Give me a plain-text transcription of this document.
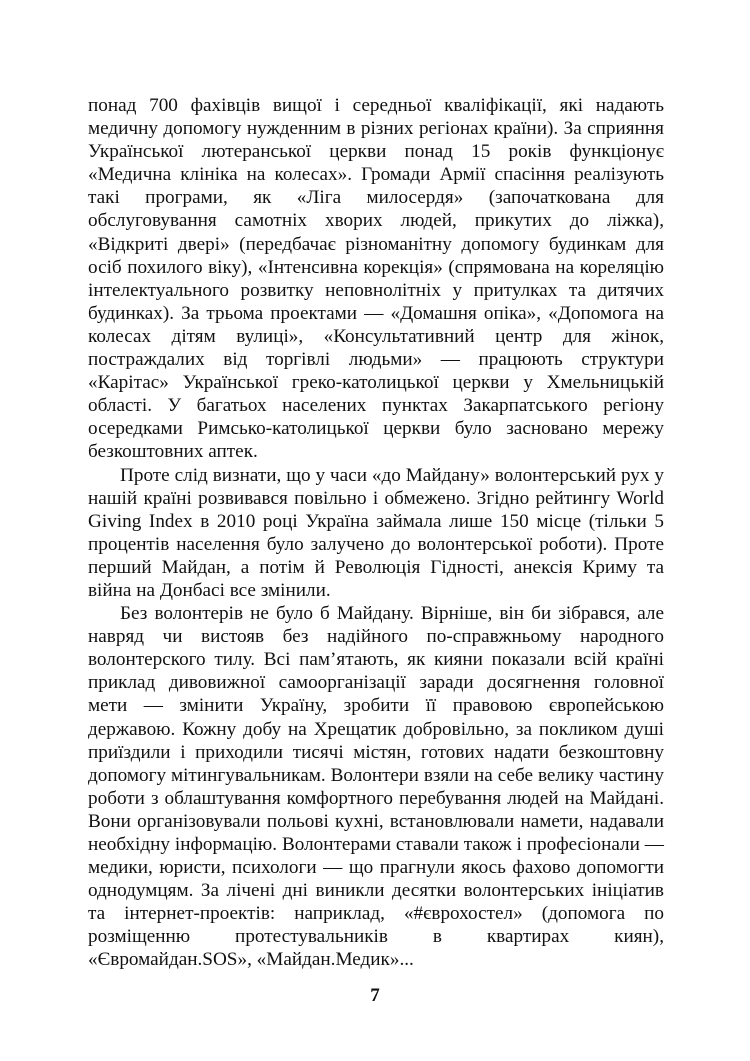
понад 700 фахівців вищої і середньої кваліфікації, які надають медичну допомогу нужденним в різних регіонах країни). За сприяння Української лютеранської церкви понад 15 років функціонує «Медична клініка на колесах». Громади Армії спасіння реалізують такі програми, як «Ліга милосердя» (започаткована для обслуговування самотніх хворих людей, прикутих до ліжка), «Відкриті двері» (передбачає різноманітну допомогу будинкам для осіб похилого віку), «Інтенсивна корекція» (спрямована на кореляцію інтелектуального розвитку неповнолітніх у притулках та дитячих будинках). За трьома проектами — «Домашня опіка», «Допомога на колесах дітям вулиці», «Консультативний центр для жінок, постраждалих від торгівлі людьми» — працюють структури «Карітас» Української греко-католицької церкви у Хмельницькій області. У багатьох населених пунктах Закарпатського регіону осередками Римсько-католицької церкви було засновано мережу безкоштовних аптек.

Проте слід визнати, що у часи «до Майдану» волонтерський рух у нашій країні розвивався повільно і обмежено. Згідно рейтингу World Giving Index в 2010 році Україна займала лише 150 місце (тільки 5 процентів населення було залучено до волонтерської роботи). Проте перший Майдан, а потім й Революція Гідності, анексія Криму та війна на Донбасі все змінили.

Без волонтерів не було б Майдану. Вірніше, він би зібрався, але навряд чи вистояв без надійного по-справжньому народного волонтерского тилу. Всі пам’ятають, як кияни показали всій країні приклад дивовижної самоорганізації заради досягнення головної мети — змінити Україну, зробити її правовою європейською державою. Кожну добу на Хрещатик добровільно, за покликом душі приїздили і приходили тисячі містян, готових надати безкоштовну допомогу мітингувальникам. Волонтери взяли на себе велику частину роботи з облаштування комфортного перебування людей на Майдані. Вони організовували польові кухні, встановлювали намети, надавали необхідну інформацію. Волонтерами ставали також і професіонали — медики, юристи, психологи — що прагнули якось фахово допомогти однодумцям. За лічені дні виникли десятки волонтерських ініціатив та інтернет-проектів: наприклад, «#єврохостел» (допомога по розміщенню протестувальників в квартирах киян), «Євромайдан.SOS», «Майдан.Медик»...

7
